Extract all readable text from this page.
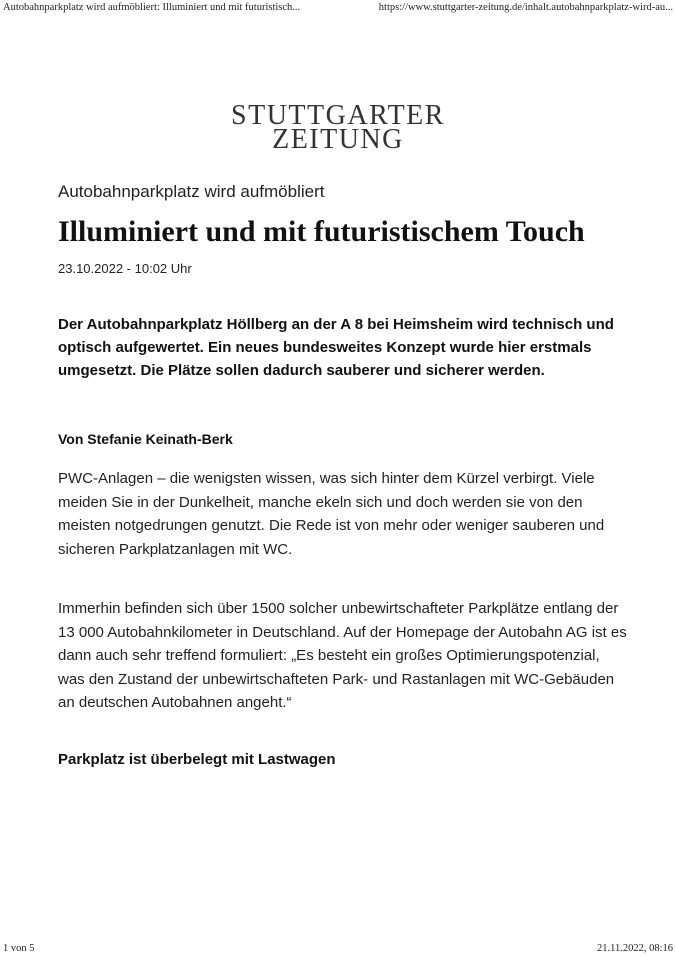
Autobahnparkplatz wird aufmöbliert: Illuminiert und mit futuristisch...	https://www.stuttgarter-zeitung.de/inhalt.autobahnparkplatz-wird-au...
STUTTGARTER
ZEITUNG

Autobahnparkplatz wird aufmöbliert

Illuminiert und mit futuristischem Touch

23.10.2022 - 10:02 Uhr

Der Autobahnparkplatz Höllberg an der A 8 bei Heimsheim wird technisch und optisch aufgewertet. Ein neues bundesweites Konzept wurde hier erstmals umgesetzt. Die Plätze sollen dadurch sauberer und sicherer werden.

Von Stefanie Keinath-Berk

PWC-Anlagen – die wenigsten wissen, was sich hinter dem Kürzel verbirgt. Viele meiden Sie in der Dunkelheit, manche ekeln sich und doch werden sie von den meisten notgedrungen genutzt. Die Rede ist von mehr oder weniger sauberen und sicheren Parkplatzanlagen mit WC.

Immerhin befinden sich über 1500 solcher unbewirtschafteter Parkplätze entlang der 13 000 Autobahnkilometer in Deutschland. Auf der Homepage der Autobahn AG ist es dann auch sehr treffend formuliert: „Es besteht ein großes Optimierungspotenzial, was den Zustand der unbewirtschafteten Park- und Rastanlagen mit WC-Gebäuden an deutschen Autobahnen angeht.“

Parkplatz ist überbelegt mit Lastwagen
1 von 5	21.11.2022, 08:16
